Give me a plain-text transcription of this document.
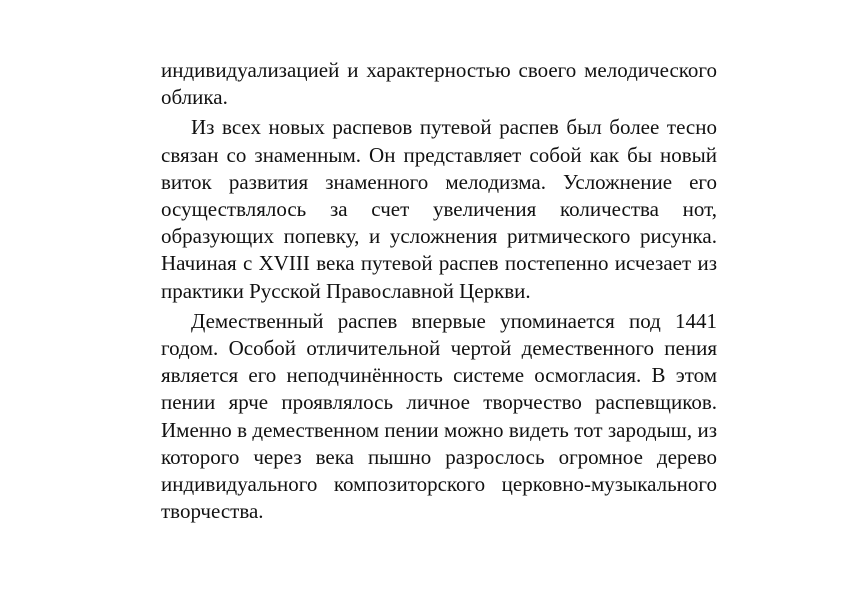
индивидуализацией и характерностью своего мелодического облика.

Из всех новых распевов путевой распев был более тесно связан со знаменным. Он представляет собой как бы новый виток развития знаменного мелодизма. Усложнение его осуществлялось за счет увеличения количества нот, образующих попевку, и усложнения ритмического рисунка. Начиная с XVIII века путевой распев постепенно исчезает из практики Русской Православной Церкви.

Демественный распев впервые упоминается под 1441 годом. Особой отличительной чертой демественного пения является его неподчинённость системе осмогласия. В этом пении ярче проявлялось личное творчество распевщиков. Именно в демественном пении можно видеть тот зародыш, из которого через века пышно разрослось огромное дерево индивидуального композиторского церковно-музыкального творчества.
